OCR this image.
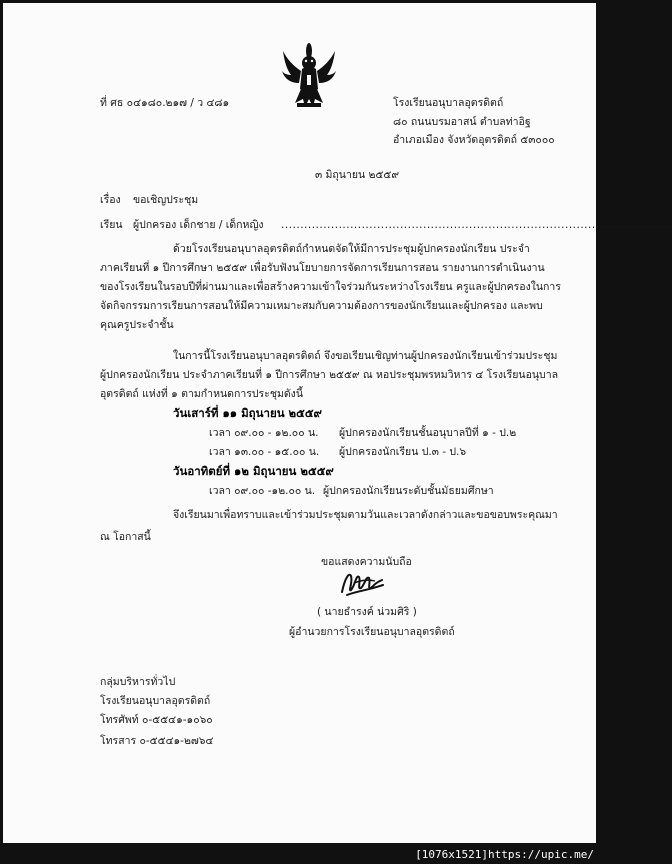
ที่ ศธ ๐๔๑๘๐.๒๑๗ / ว ๔๘๑	โรงเรียนอนุบาลอุตรดิตถ์
๘๐ ถนนบรมอาสน์ ตำบลท่าอิฐ
อำเภอเมือง จังหวัดอุตรดิตถ์ ๕๓๐๐๐
๓ มิถุนายน ๒๕๕๙
เรื่อง ขอเชิญประชุม
เรียน ผู้ปกครอง เด็กชาย / เด็กหญิง ......................................................................................................
ด้วยโรงเรียนอนุบาลอุตรดิตถ์กำหนดจัดให้มีการประชุมผู้ปกครองนักเรียน ประจำ
ภาคเรียนที่ ๑ ปีการศึกษา ๒๕๕๙ เพื่อรับฟังนโยบายการจัดการเรียนการสอน รายงานการดำเนินงาน
ของโรงเรียนในรอบปีที่ผ่านมาและเพื่อสร้างความเข้าใจร่วมกันระหว่างโรงเรียน ครูและผู้ปกครองในการ
จัดกิจกรรมการเรียนการสอนให้มีความเหมาะสมกับความต้องการของนักเรียนและผู้ปกครอง และพบ
คุณครูประจำชั้น
ในการนี้โรงเรียนอนุบาลอุตรดิตถ์ จึงขอเรียนเชิญท่านผู้ปกครองนักเรียนเข้าร่วมประชุม
ผู้ปกครองนักเรียน ประจำภาคเรียนที่ ๑ ปีการศึกษา ๒๕๕๙ ณ หอประชุมพรหมวิหาร ๔ โรงเรียนอนุบาล
อุตรดิตถ์ แห่งที่ ๑ ตามกำหนดการประชุมดังนี้
วันเสาร์ที่ ๑๑ มิถุนายน ๒๕๕๙
เวลา ๐๙.๐๐ - ๑๒.๐๐ น. ผู้ปกครองนักเรียนชั้นอนุบาลปีที่ ๑ - ป.๒
เวลา ๑๓.๐๐ - ๑๕.๐๐ น. ผู้ปกครองนักเรียน ป.๓ - ป.๖
วันอาทิตย์ที่ ๑๒ มิถุนายน ๒๕๕๙
เวลา ๐๙.๐๐ -๑๒.๐๐ น. ผู้ปกครองนักเรียนระดับชั้นมัธยมศึกษา
จึงเรียนมาเพื่อทราบและเข้าร่วมประชุมตามวันและเวลาดังกล่าวและขอขอบพระคุณมา
ณ โอกาสนี้
ขอแสดงความนับถือ
( นายธำรงค์ น่วมศิริ )
ผู้อำนวยการโรงเรียนอนุบาลอุตรดิตถ์
กลุ่มบริหารทั่วไป
โรงเรียนอนุบาลอุตรดิตถ์
โทรศัพท์ ๐-๕๕๔๑-๑๐๖๐
โทรสาร ๐-๕๕๔๑-๒๗๖๔
[1076x1521]https://upic.me/
